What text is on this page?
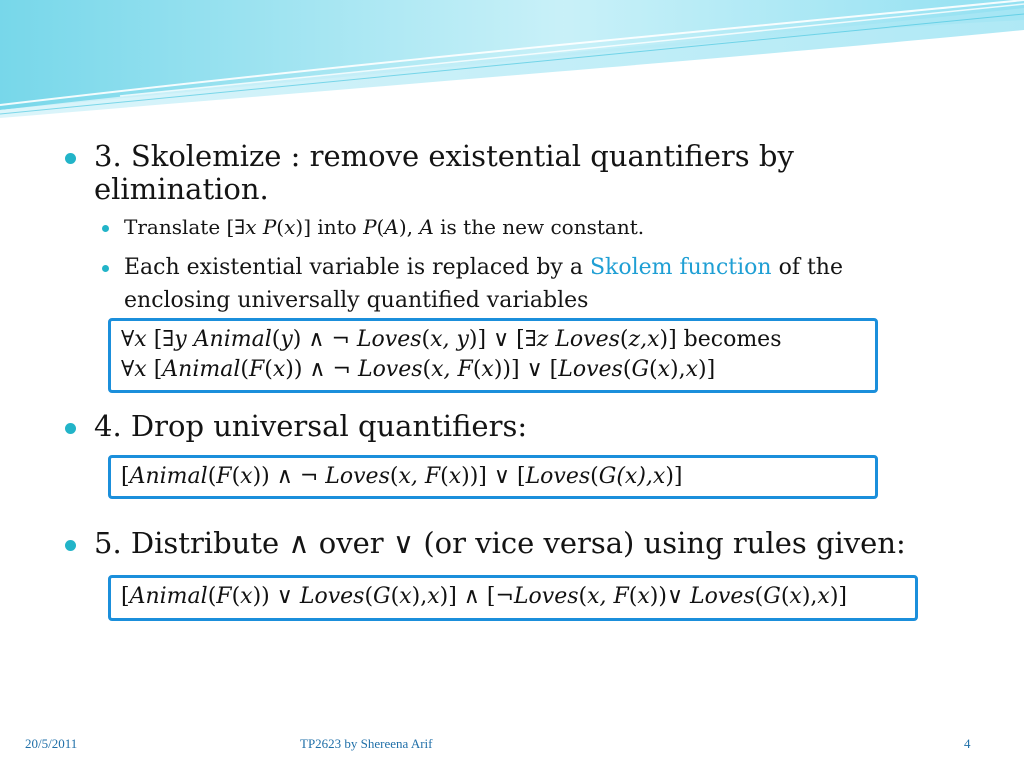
3. Skolemize : remove existential quantifiers by elimination.
Translate [∃x P(x)] into P(A), A is the new constant.
Each existential variable is replaced by a Skolem function of the enclosing universally quantified variables
∀x [∃y Animal(y) ∧ ¬ Loves(x, y)] ∨ [∃z Loves(z,x)] becomes
∀x [Animal(F(x)) ∧ ¬ Loves(x, F(x))] ∨ [Loves(G(x),x)]
4. Drop universal quantifiers:
[Animal(F(x)) ∧ ¬ Loves(x, F(x))] ∨ [Loves(G(x),x)]
5. Distribute ∧ over ∨ (or vice versa) using rules given:
[Animal(F(x)) ∨ Loves(G(x),x)] ∧ [¬Loves(x, F(x))∨ Loves(G(x),x)]
20/5/2011	TP2623 by Shereena Arif	4
